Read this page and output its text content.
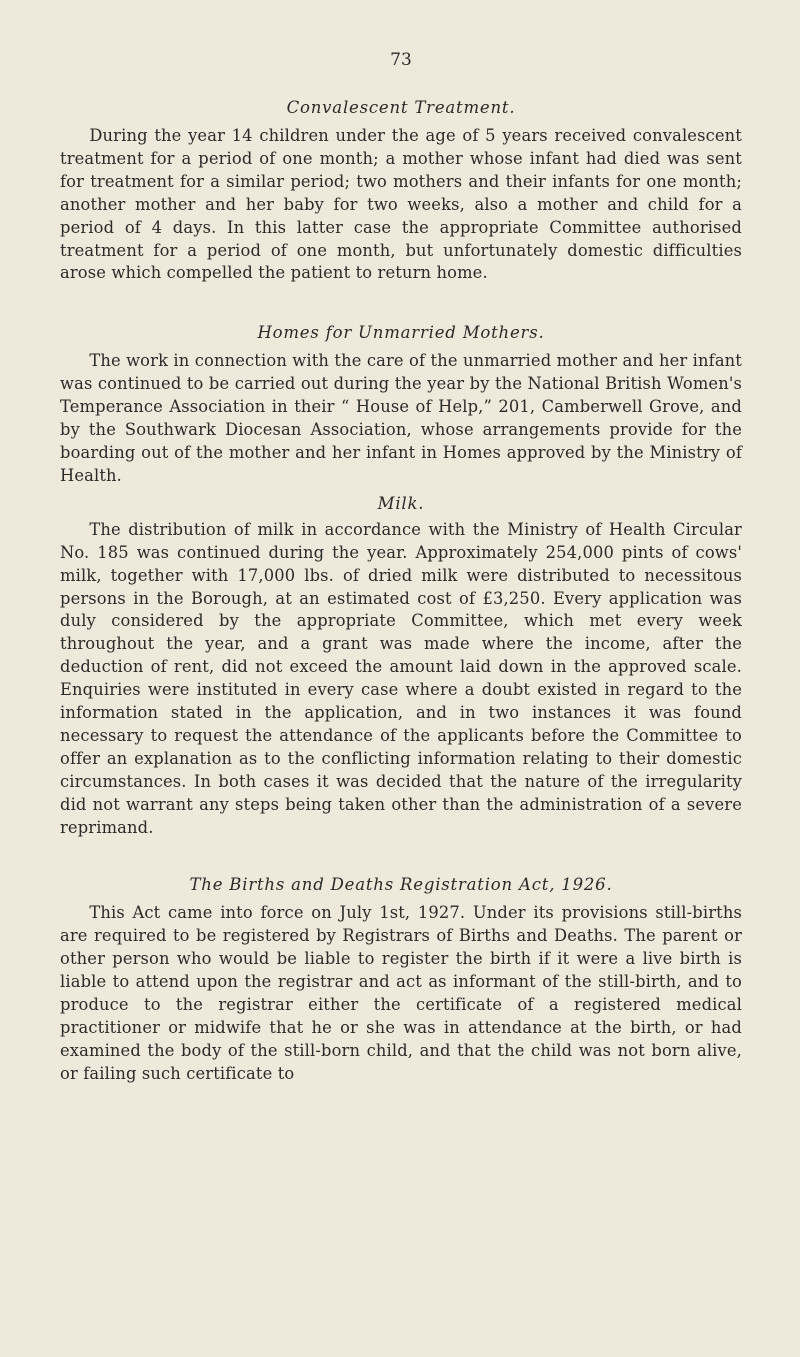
73
Convalescent Treatment.

During the year 14 children under the age of 5 years received convalescent treatment for a period of one month; a mother whose infant had died was sent for treatment for a similar period; two mothers and their infants for one month; another mother and her baby for two weeks, also a mother and child for a period of 4 days. In this latter case the appropriate Committee authorised treatment for a period of one month, but unfortunately domestic difficulties arose which compelled the patient to return home.

Homes for Unmarried Mothers.

The work in connection with the care of the unmarried mother and her infant was continued to be carried out during the year by the National British Women's Temperance Association in their “ House of Help,” 201, Camberwell Grove, and by the Southwark Diocesan Association, whose arrangements provide for the boarding out of the mother and her infant in Homes approved by the Ministry of Health.

Milk.

The distribution of milk in accordance with the Ministry of Health Circular No. 185 was continued during the year. Approximately 254,000 pints of cows' milk, together with 17,000 lbs. of dried milk were distributed to necessitous persons in the Borough, at an estimated cost of £3,250. Every application was duly considered by the appropriate Committee, which met every week throughout the year, and a grant was made where the income, after the deduction of rent, did not exceed the amount laid down in the approved scale. Enquiries were instituted in every case where a doubt existed in regard to the information stated in the application, and in two instances it was found necessary to request the attendance of the applicants before the Committee to offer an explanation as to the conflicting information relating to their domestic circumstances. In both cases it was decided that the nature of the irregularity did not warrant any steps being taken other than the administration of a severe reprimand.

The Births and Deaths Registration Act, 1926.

This Act came into force on July 1st, 1927. Under its provisions still-births are required to be registered by Registrars of Births and Deaths. The parent or other person who would be liable to register the birth if it were a live birth is liable to attend upon the registrar and act as informant of the still-birth, and to produce to the registrar either the certificate of a registered medical practitioner or midwife that he or she was in attendance at the birth, or had examined the body of the still-born child, and that the child was not born alive, or failing such certificate to
